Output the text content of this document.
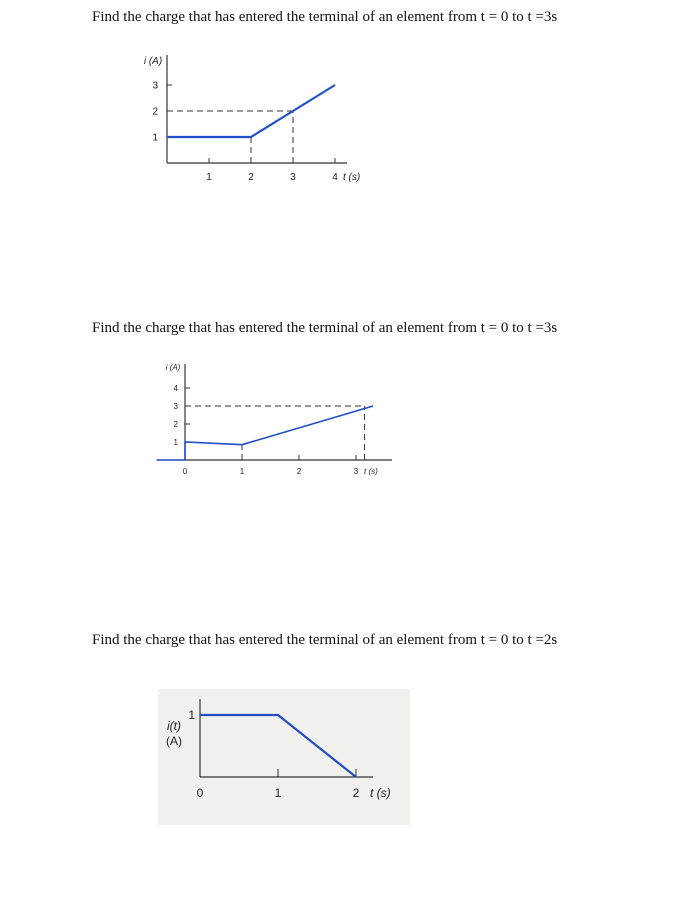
Find the charge that has entered the terminal of an element from t = 0 to t =3s
1
2
3
1	2	3	4 t (s)
i (A)
Find the charge that has entered the terminal of an element from t = 0 to t =3s
1
2
3
4
1	2	3
0	t (s)
i (A)
Find the charge that has entered the terminal of an element from t = 0 to t =2s
1
1	2
0	t (s)
i(t)
(A)
